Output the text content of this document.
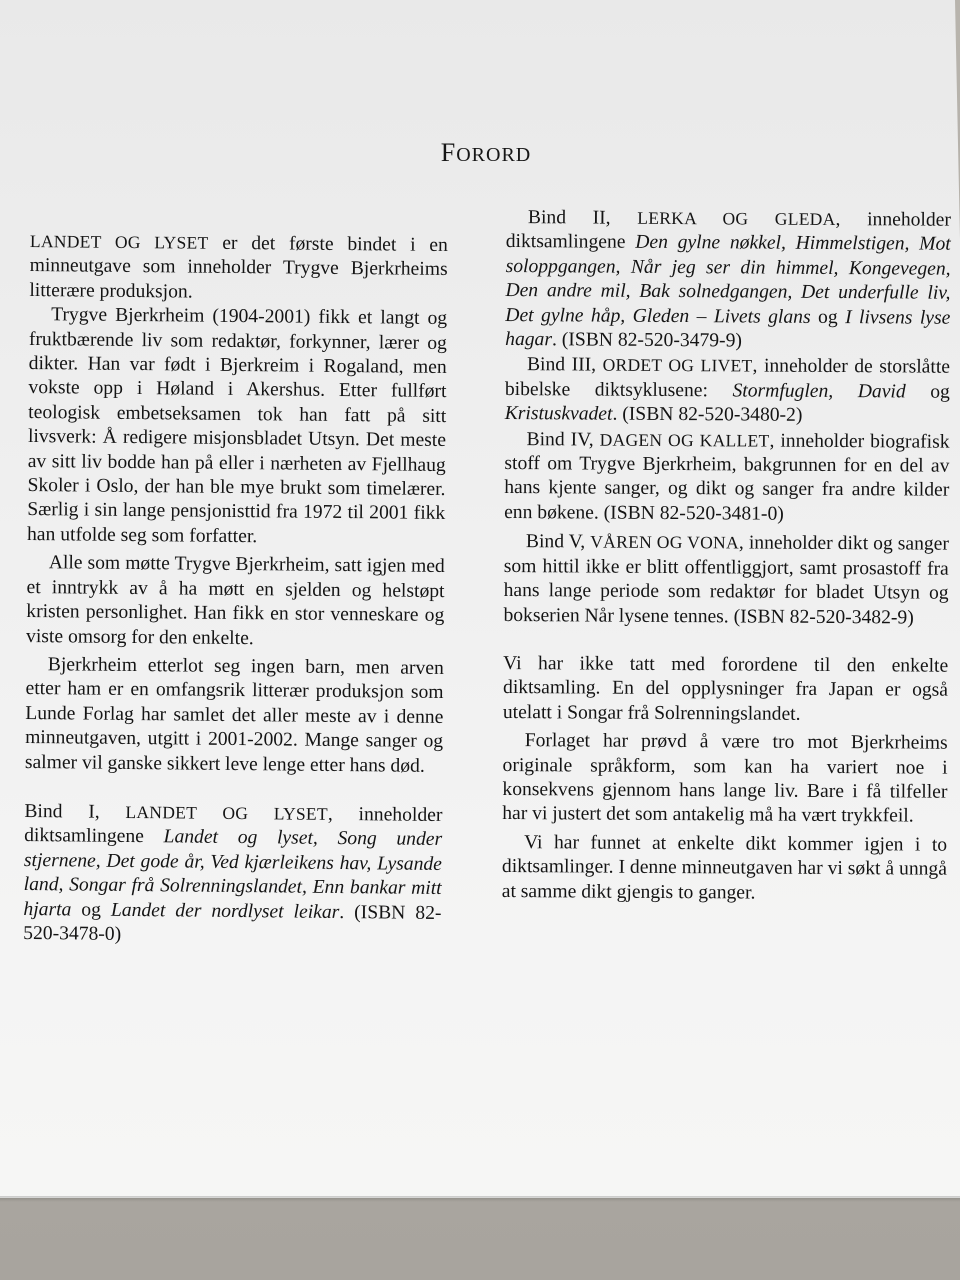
FORORD

LANDET OG LYSET er det første bindet i en minneutgave som inneholder Trygve Bjerkrheims litterære produksjon.

Trygve Bjerkrheim (1904-2001) fikk et langt og fruktbærende liv som redaktør, forkynner, lærer og dikter. Han var født i Bjerkreim i Rogaland, men vokste opp i Høland i Akershus. Etter fullført teologisk embetseksamen tok han fatt på sitt livsverk: Å redigere misjonsbladet Utsyn. Det meste av sitt liv bodde han på eller i nærheten av Fjellhaug Skoler i Oslo, der han ble mye brukt som timelærer. Særlig i sin lange pensjonisttid fra 1972 til 2001 fikk han utfolde seg som forfatter.

Alle som møtte Trygve Bjerkrheim, satt igjen med et inntrykk av å ha møtt en sjelden og helstøpt kristen personlighet. Han fikk en stor venneskare og viste omsorg for den enkelte.

Bjerkrheim etterlot seg ingen barn, men arven etter ham er en omfangsrik litterær produksjon som Lunde Forlag har samlet det aller meste av i denne minneutgaven, utgitt i 2001-2002. Mange sanger og salmer vil ganske sikkert leve lenge etter hans død.

Bind I, LANDET OG LYSET, inneholder diktsamlingene Landet og lyset, Song under stjernene, Det gode år, Ved kjærleikens hav, Lysande land, Songar frå Solrenningslandet, Enn bankar mitt hjarta og Landet der nordlyset leikar. (ISBN 82-520-3478-0)

Bind II, LERKA OG GLEDA, inneholder diktsamlingene Den gylne nøkkel, Himmelstigen, Mot soloppgangen, Når jeg ser din himmel, Kongevegen, Den andre mil, Bak solnedgangen, Det underfulle liv, Det gylne håp, Gleden – Livets glans og I livsens lyse hagar. (ISBN 82-520-3479-9)

Bind III, ORDET OG LIVET, inneholder de storslåtte bibelske diktsyklusene: Stormfuglen, David og Kristuskvadet. (ISBN 82-520-3480-2)

Bind IV, DAGEN OG KALLET, inneholder biografisk stoff om Trygve Bjerkrheim, bakgrunnen for en del av hans kjente sanger, og dikt og sanger fra andre kilder enn bøkene. (ISBN 82-520-3481-0)

Bind V, VÅREN OG VONA, inneholder dikt og sanger som hittil ikke er blitt offentliggjort, samt prosastoff fra hans lange periode som redaktør for bladet Utsyn og bokserien Når lysene tennes. (ISBN 82-520-3482-9)

Vi har ikke tatt med forordene til den enkelte diktsamling. En del opplysninger fra Japan er også utelatt i Songar frå Solrenningslandet.

Forlaget har prøvd å være tro mot Bjerkrheims originale språkform, som kan ha variert noe i konsekvens gjennom hans lange liv. Bare i få tilfeller har vi justert det som antakelig må ha vært trykkfeil.

Vi har funnet at enkelte dikt kommer igjen i to diktsamlinger. I denne minneutgaven har vi søkt å unngå at samme dikt gjengis to ganger.
